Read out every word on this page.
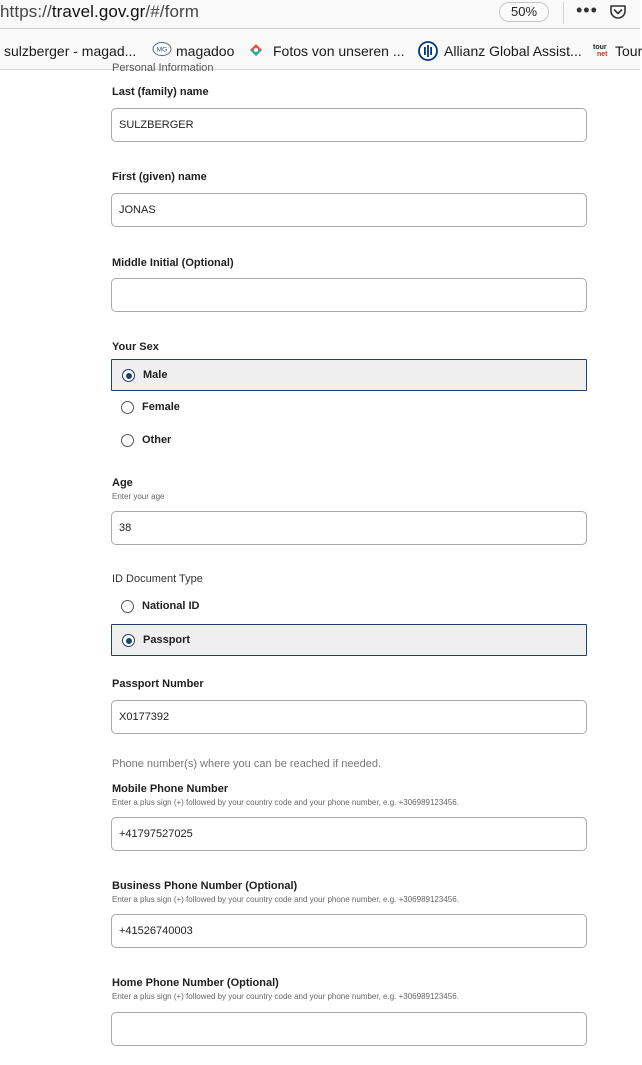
https://travel.gov.gr/#/form	50%	•••
sulzberger - magad...	MG magadoo	Fotos von unseren ...	Allianz Global Assist... tour
net Tour
Personal Information
Last (family) name
SULZBERGER
First (given) name
JONAS
Middle Initial (Optional)
Your Sex
Male
Female
Other
Age
Enter your age
38
ID Document Type
National ID
Passport
Passport Number
X0177392
Phone number(s) where you can be reached if needed.
Mobile Phone Number
Enter a plus sign (+) followed by your country code and your phone number, e.g. +306989123456.
+41797527025
Business Phone Number (Optional)
Enter a plus sign (+) followed by your country code and your phone number, e.g. +306989123456.
+41526740003
Home Phone Number (Optional)
Enter a plus sign (+) followed by your country code and your phone number, e.g. +306989123456.
